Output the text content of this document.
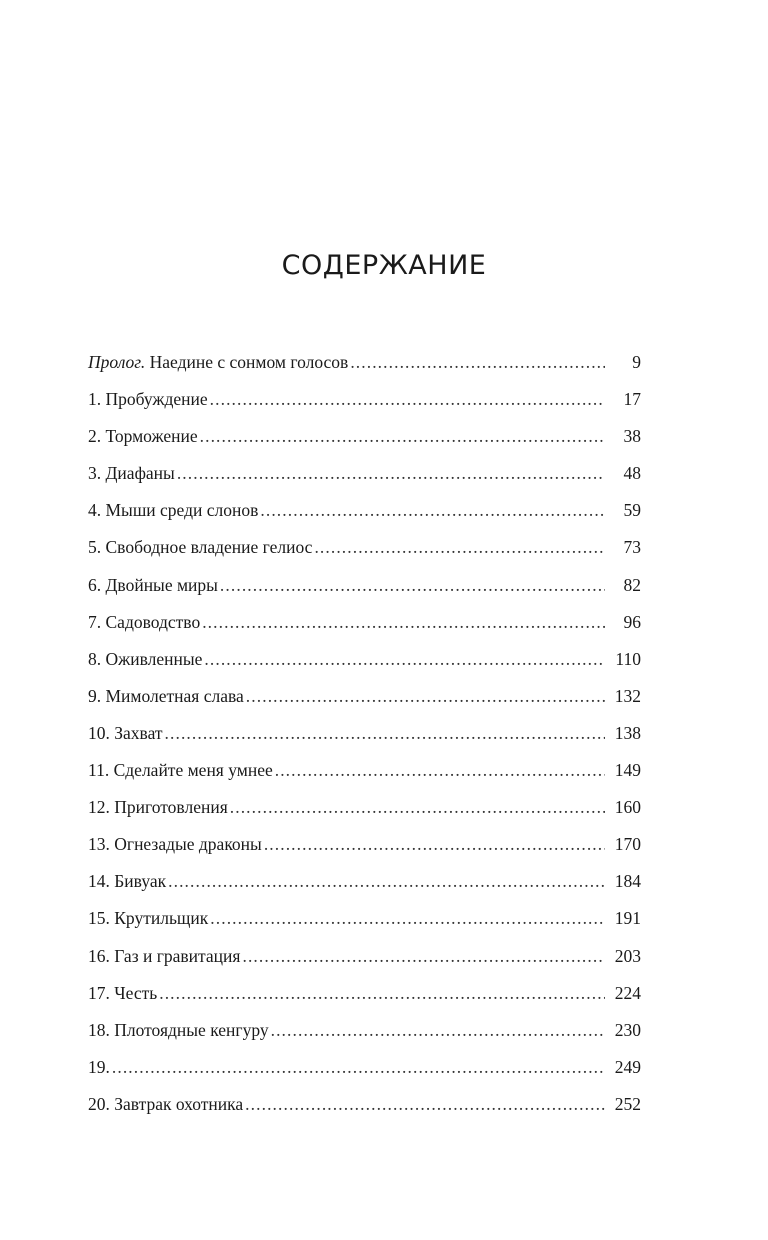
СОДЕРЖАНИЕ
Пролог. Наедине с сонмом голосов .....	9
1. Пробуждение .....	17
2. Торможение .....	38
3. Диафаны .....	48
4. Мыши среди слонов .....	59
5. Свободное владение гелиос .....	73
6. Двойные миры .....	82
7. Садоводство .....	96
8. Оживленные .....	110
9. Мимолетная слава .....	132
10. Захват .....	138
11. Сделайте меня умнее .....	149
12. Приготовления .....	160
13. Огнезадые драконы .....	170
14. Бивуак .....	184
15. Крутильщик .....	191
16. Газ и гравитация .....	203
17. Честь .....	224
18. Плотоядные кенгуру .....	230
19. .....	249
20. Завтрак охотника .....	252
